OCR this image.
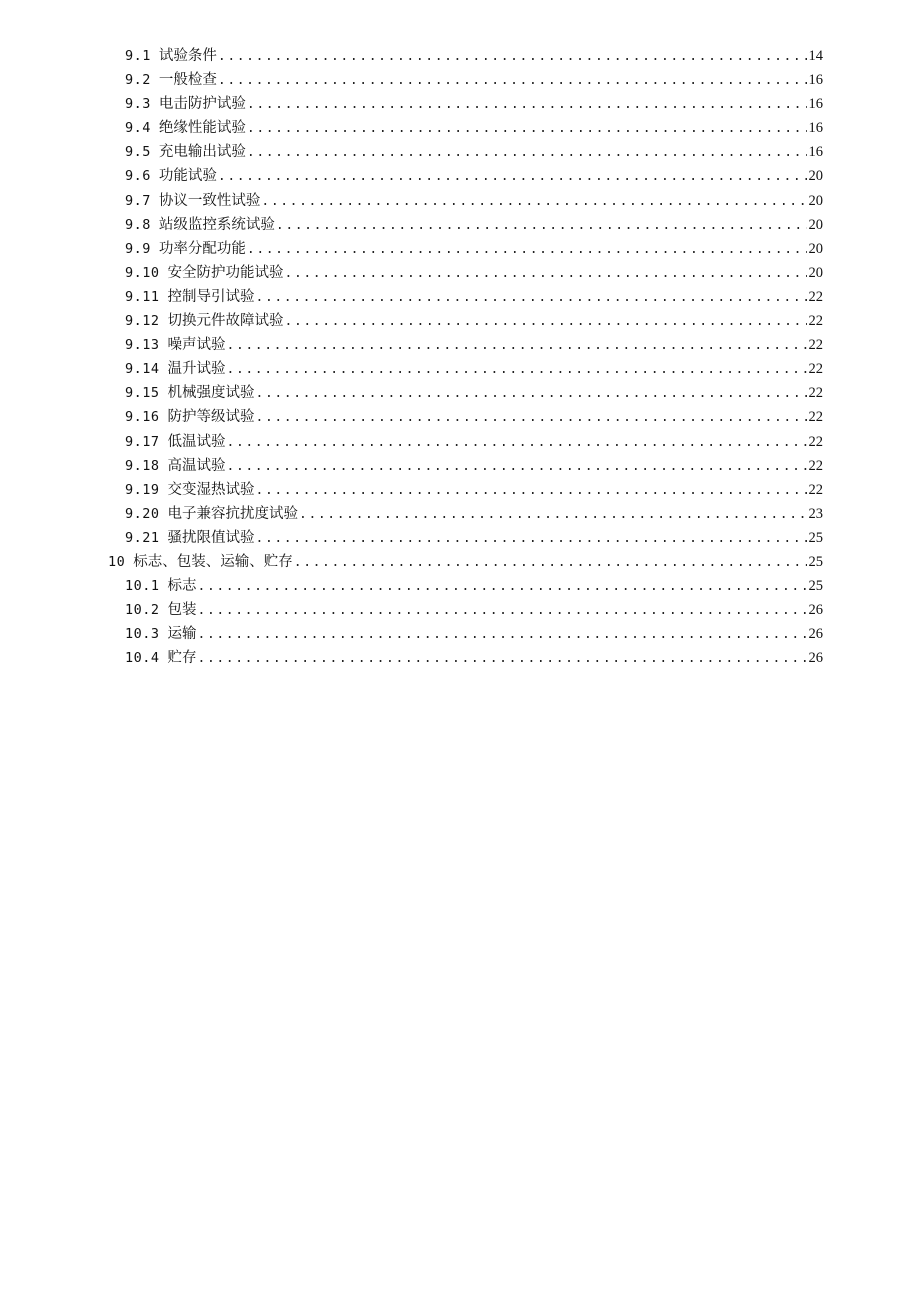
9.1 试验条件 .....	14
9.2 一般检查 .....	16
9.3 电击防护试验 .....	16
9.4 绝缘性能试验 .....	16
9.5 充电输出试验 .....	16
9.6 功能试验 .....	20
9.7 协议一致性试验 .....	20
9.8 站级监控系统试验 .....	20
9.9 功率分配功能 .....	20
9.10 安全防护功能试验 .....	20
9.11 控制导引试验 .....	22
9.12 切换元件故障试验 .....	22
9.13 噪声试验 .....	22
9.14 温升试验 .....	22
9.15 机械强度试验 .....	22
9.16 防护等级试验 .....	22
9.17 低温试验 .....	22
9.18 高温试验 .....	22
9.19 交变湿热试验 .....	22
9.20 电子兼容抗扰度试验 .....	23
9.21 骚扰限值试验 .....	25
10 标志、包装、运输、贮存 .....	25
10.1 标志 .....	25
10.2 包装 .....	26
10.3 运输 .....	26
10.4 贮存 .....	26
